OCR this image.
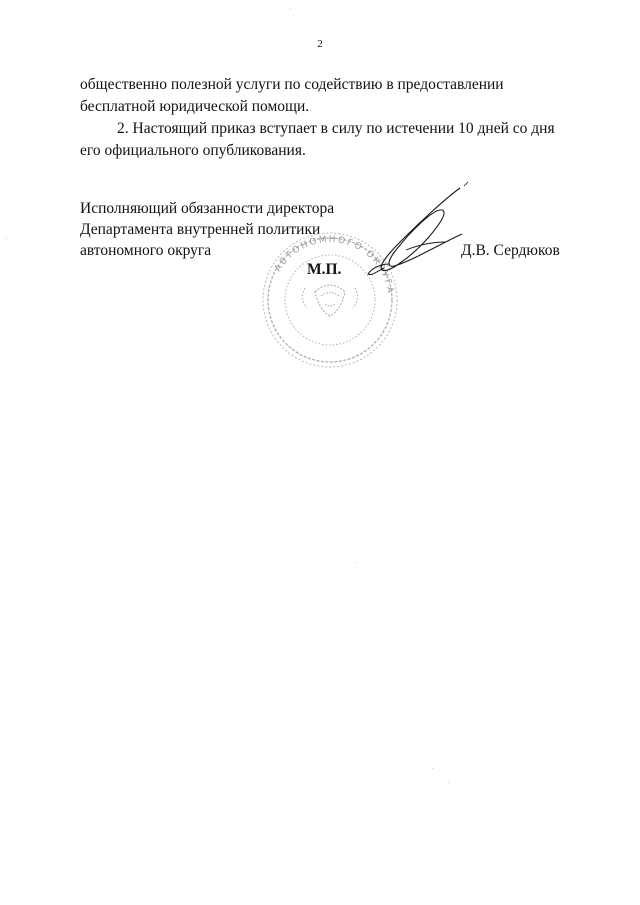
2

общественно полезной услуги по содействию в предоставлении бесплатной юридической помощи.

2. Настоящий приказ вступает в силу по истечении 10 дней со дня его официального опубликования.

Исполняющий обязанности директора
Департамента внутренней политики
автономного округа
АВТОНОМНОГО ОКРУГА
М.П.
Д.В. Сердюков
